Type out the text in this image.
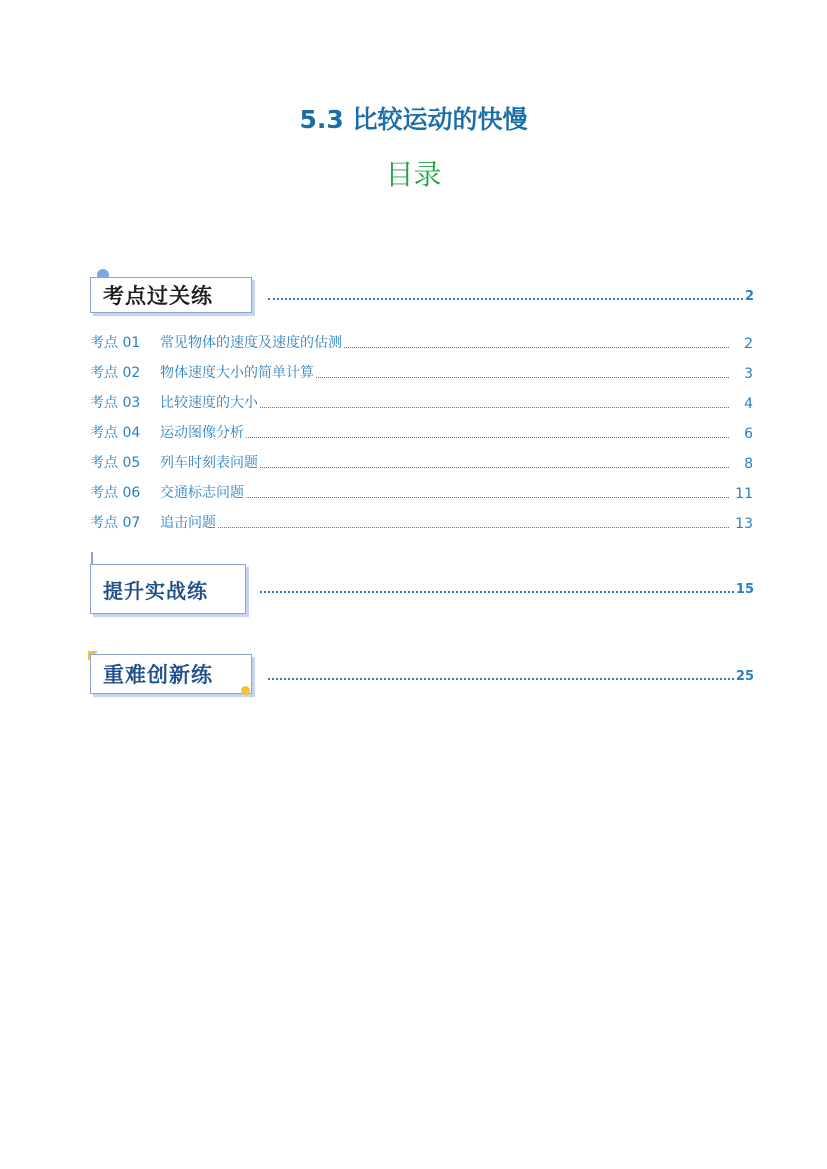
5.3 比较运动的快慢
目录
考点过关练	2
考点 01	常见物体的速度及速度的估测	2
考点 02	物体速度大小的简单计算	3
考点 03	比较速度的大小	4
考点 04	运动图像分析	6
考点 05	列车时刻表问题	8
考点 06	交通标志问题	11
考点 07	追击问题	13
提升实战练	15
重难创新练	25
